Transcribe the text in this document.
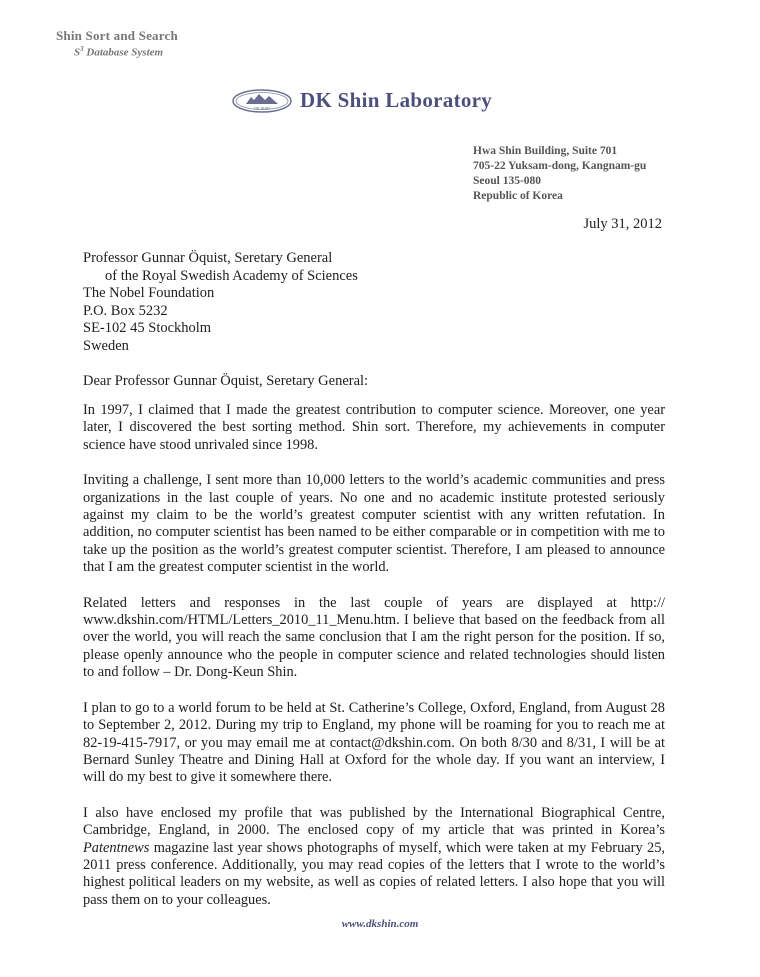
Shin Sort and Search
$S^3$ Database System
DK SHIN DK Shin Laboratory
Hwa Shin Building, Suite 701
705-22 Yuksam-dong, Kangnam-gu
Seoul 135-080
Republic of Korea
July 31, 2012
Professor Gunnar Öquist, Seretary General
of the Royal Swedish Academy of Sciences
The Nobel Foundation
P.O. Box 5232
SE-102 45 Stockholm
Sweden
Dear Professor Gunnar Öquist, Seretary General:

In 1997, I claimed that I made the greatest contribution to computer science. Moreover, one year later, I discovered the best sorting method. Shin sort. Therefore, my achievements in computer science have stood unrivaled since 1998.

Inviting a challenge, I sent more than 10,000 letters to the world’s academic communities and press organizations in the last couple of years. No one and no academic institute protested seriously against my claim to be the world’s greatest computer scientist with any written refutation. In addition, no computer scientist has been named to be either comparable or in competition with me to take up the position as the world’s greatest computer scientist. Therefore, I am pleased to announce that I am the greatest computer scientist in the world.

Related letters and responses in the last couple of years are displayed at http:// www.dkshin.com/HTML/Letters_2010_11_Menu.htm. I believe that based on the feedback from all over the world, you will reach the same conclusion that I am the right person for the position. If so, please openly announce who the people in computer science and related technologies should listen to and follow – Dr. Dong-Keun Shin.

I plan to go to a world forum to be held at St. Catherine’s College, Oxford, England, from August 28 to September 2, 2012. During my trip to England, my phone will be roaming for you to reach me at 82-19-415-7917, or you may email me at contact@dkshin.com. On both 8/30 and 8/31, I will be at Bernard Sunley Theatre and Dining Hall at Oxford for the whole day. If you want an interview, I will do my best to give it somewhere there.

I also have enclosed my profile that was published by the International Biographical Centre, Cambridge, England, in 2000. The enclosed copy of my article that was printed in Korea’s Patentnews magazine last year shows photographs of myself, which were taken at my February 25, 2011 press conference. Additionally, you may read copies of the letters that I wrote to the world’s highest political leaders on my website, as well as copies of related letters. I also hope that you will pass them on to your colleagues.

www.dkshin.com
